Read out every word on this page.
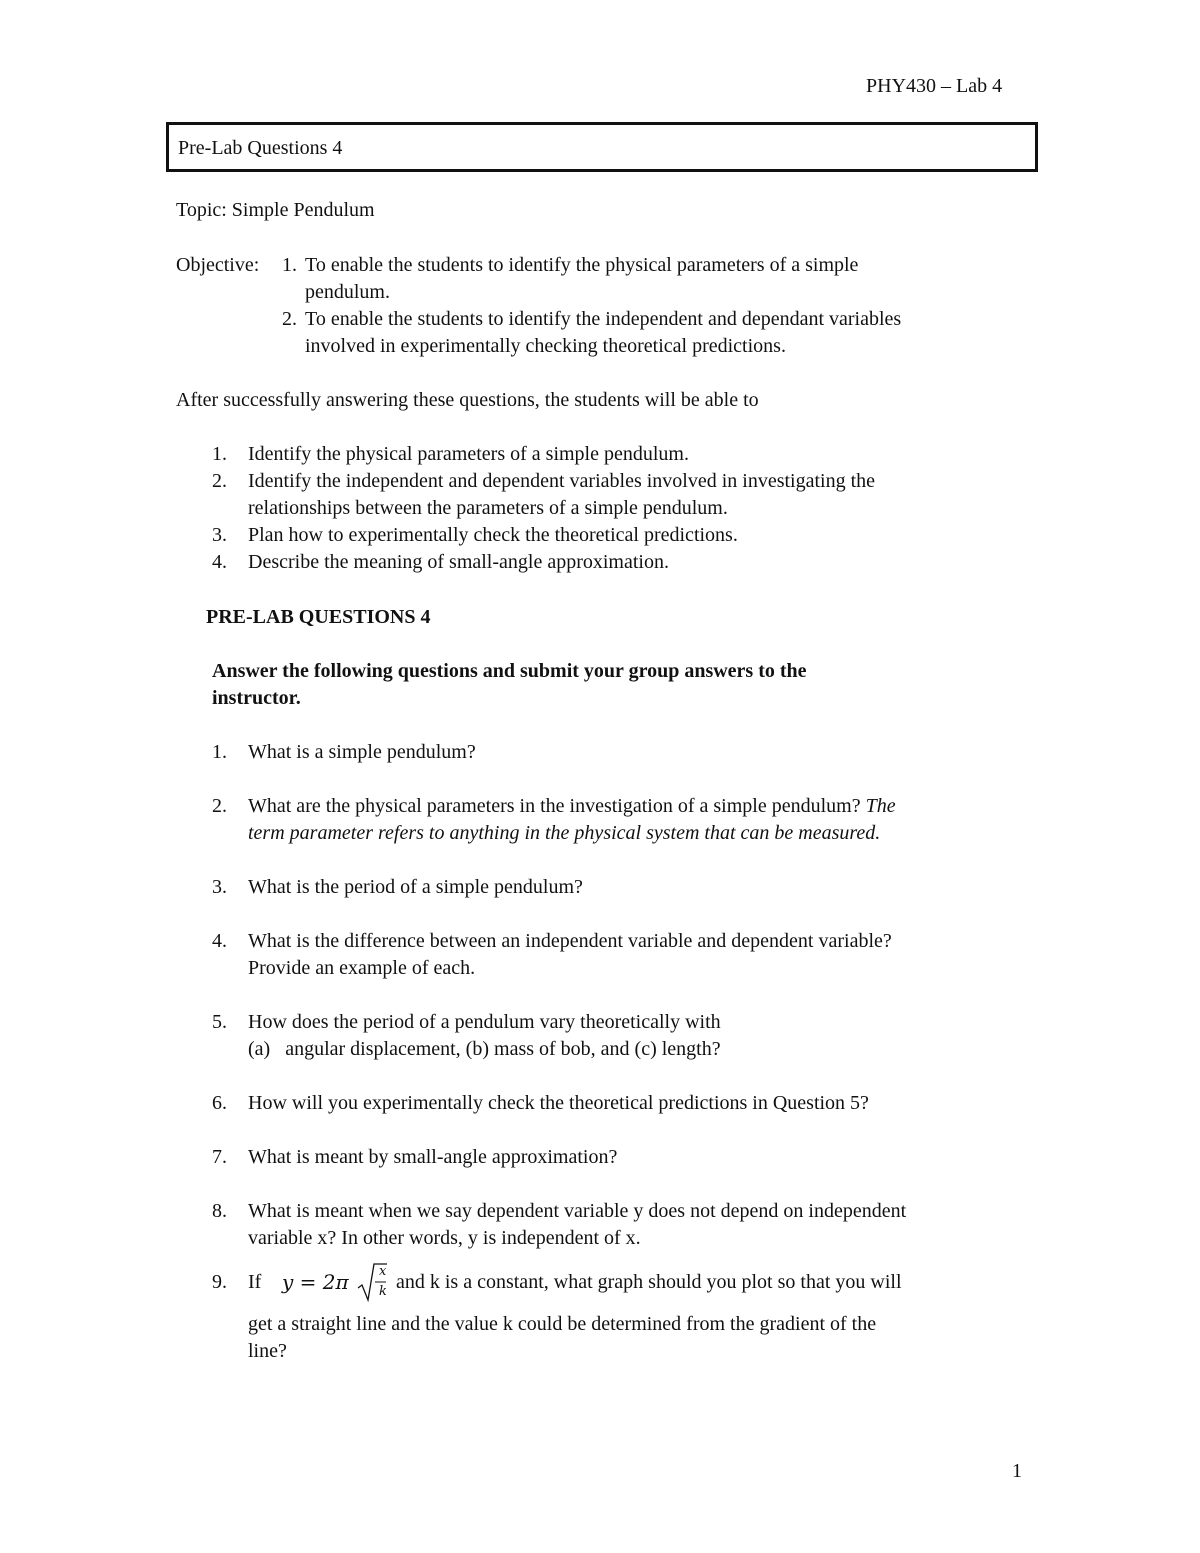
PHY430 – Lab 4
Pre-Lab Questions 4
Topic: Simple Pendulum
Objective: 1. To enable the students to identify the physical parameters of a simple
pendulum.
2. To enable the students to identify the independent and dependant variables
involved in experimentally checking theoretical predictions.
After successfully answering these questions, the students will be able to
1. Identify the physical parameters of a simple pendulum.
2. Identify the independent and dependent variables involved in investigating the
relationships between the parameters of a simple pendulum.
3. Plan how to experimentally check the theoretical predictions.
4. Describe the meaning of small-angle approximation.
PRE-LAB QUESTIONS 4
Answer the following questions and submit your group answers to the
instructor.
1. What is a simple pendulum?
2. What are the physical parameters in the investigation of a simple pendulum? The
term parameter refers to anything in the physical system that can be measured.
3. What is the period of a simple pendulum?
4. What is the difference between an independent variable and dependent variable?
Provide an example of each.
5. How does the period of a pendulum vary theoretically with
(a)   angular displacement, (b) mass of bob, and (c) length?
6. How will you experimentally check the theoretical predictions in Question 5?
7. What is meant by small-angle approximation?
8. What is meant when we say dependent variable y does not depend on independent
variable x? In other words, y is independent of x.
9. If y = 2π x
k and k is a constant, what graph should you plot so that you will
get a straight line and the value k could be determined from the gradient of the
line?
1
